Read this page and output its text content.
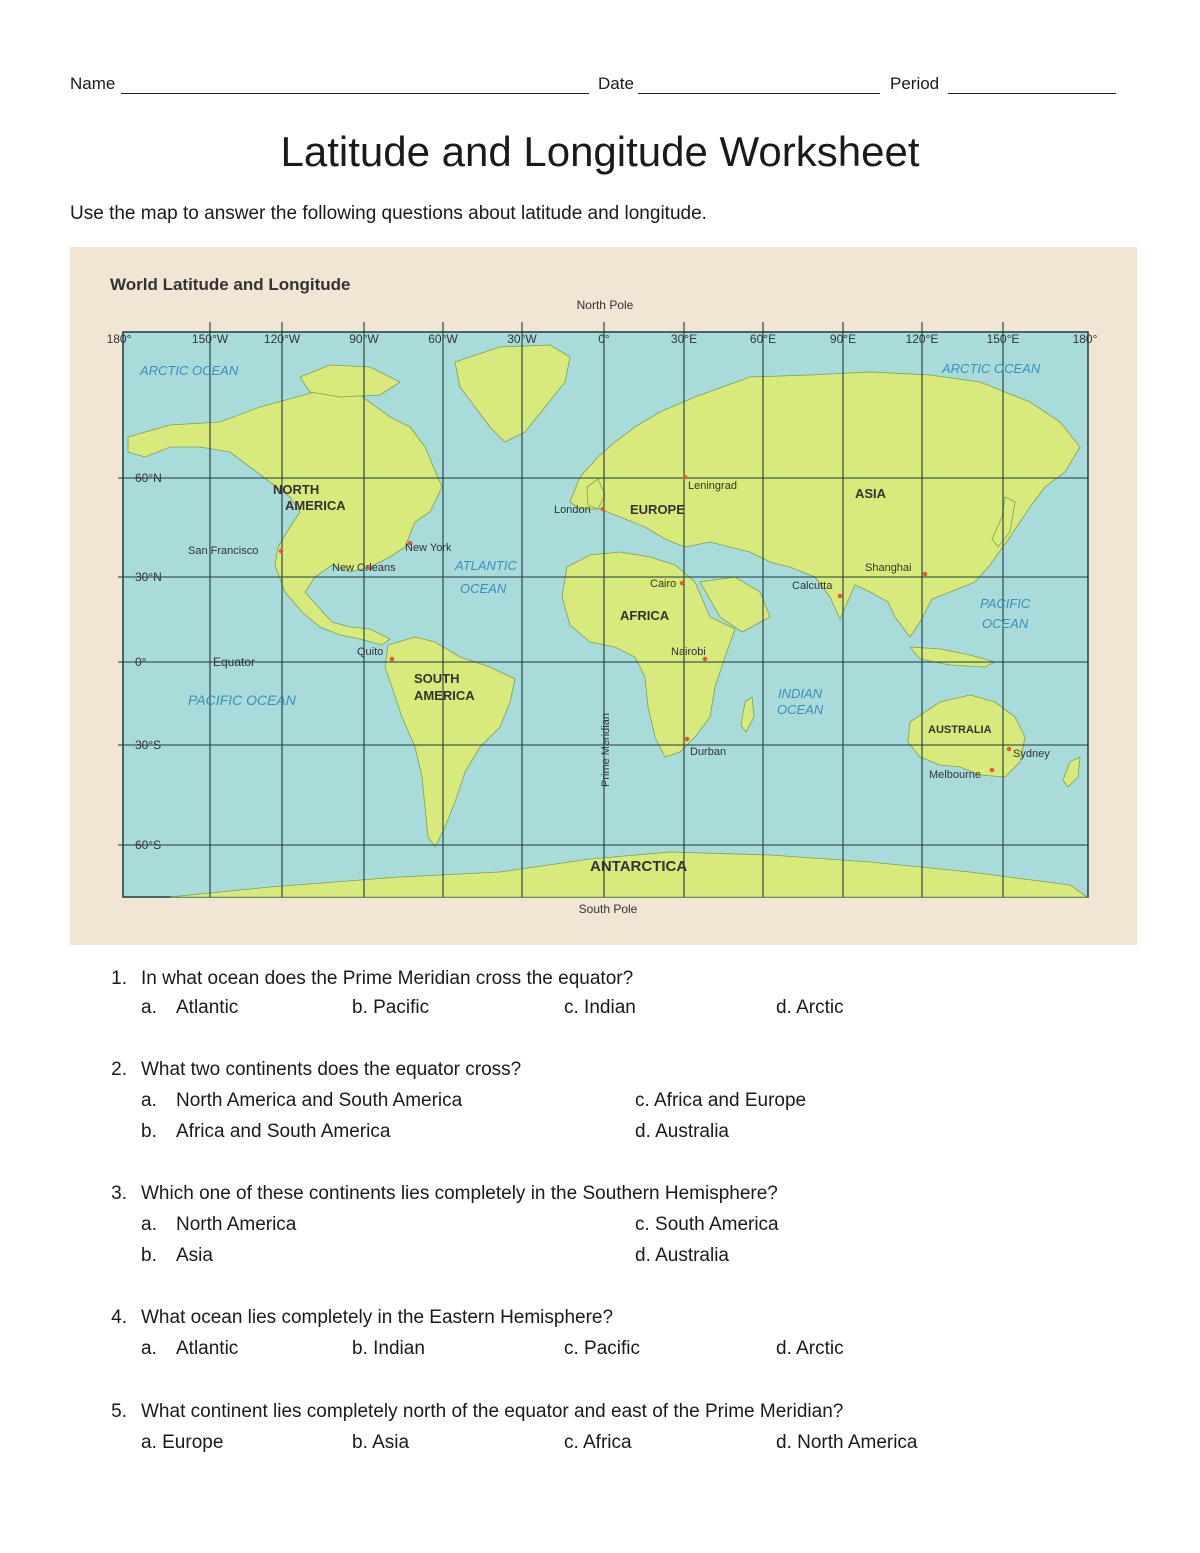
Name	Date	Period
Latitude and Longitude Worksheet
Use the map to answer the following questions about latitude and longitude.
World Latitude and Longitude
North Pole
South Pole
180°	150°W	120°W	90°W	60°W	30°W	0°	30°E	60°E	90°E	120°E	150°E	180°
60°N
30°N
0°
30°S
60°S
Equator
Prime Meridian
NORTH
AMERICA
SOUTH
AMERICA
EUROPE
ASIA
AFRICA
AUSTRALIA
ANTARCTICA
ARCTIC OCEAN	ARCTIC OCEAN
ATLANTIC
OCEAN
PACIFIC OCEAN
PACIFIC
OCEAN
INDIAN
OCEAN
San Francisco	New York
New Orleans
Quito
London
Leningrad
Cairo
Nairobi
Durban
Calcutta
Shanghai
Sydney
Melbourne
1. In what ocean does the Prime Meridian cross the equator?
a. Atlantic	b. Pacific	c. Indian	d. Arctic
2. What two continents does the equator cross?
a. North America and South America	c. Africa and Europe
b. Africa and South America	d. Australia
3. Which one of these continents lies completely in the Southern Hemisphere?
a. North America	c. South America
b. Asia	d. Australia
4. What ocean lies completely in the Eastern Hemisphere?
a. Atlantic	b. Indian	c. Pacific	d. Arctic
5. What continent lies completely north of the equator and east of the Prime Meridian?
a. Europe	b. Asia	c. Africa	d. North America
